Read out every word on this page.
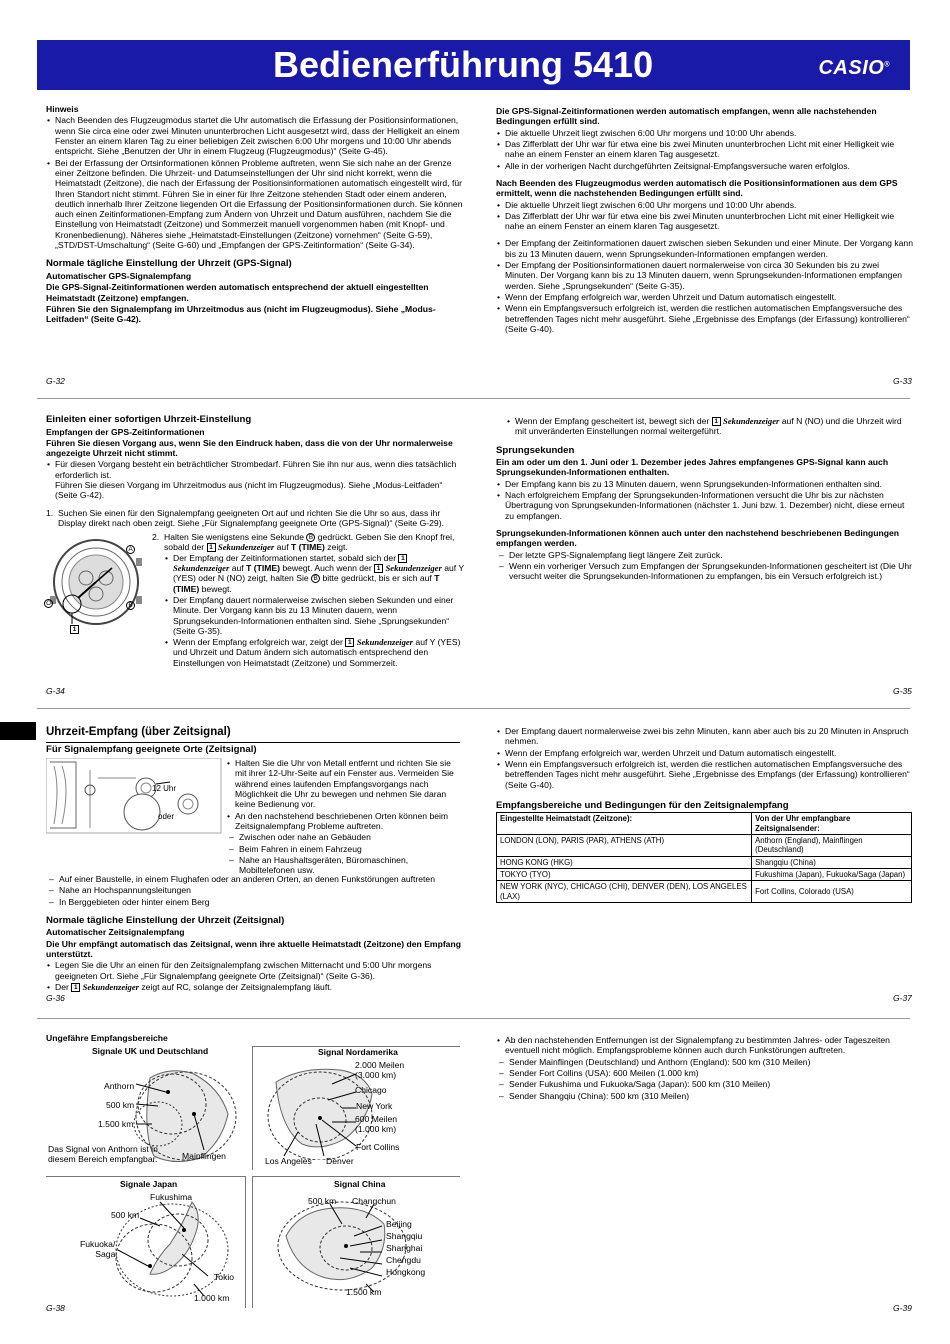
Bedienerführung 5410	CASIO®

Hinweis

• Nach Beenden des Flugzeugmodus startet die Uhr automatisch die Erfassung der Positionsinformationen, wenn Sie circa eine oder zwei Minuten ununterbrochen Licht ausgesetzt wird, dass der Helligkeit an einem Fenster an einem klaren Tag zu einer beliebigen Zeit zwischen 6:00 Uhr morgens und 10:00 Uhr abends entspricht. Siehe „Benutzen der Uhr in einem Flugzeug (Flugzeugmodus)“ (Seite G-45).
• Bei der Erfassung der Ortsinformationen können Probleme auftreten, wenn Sie sich nahe an der Grenze einer Zeitzone befinden. Die Uhrzeit- und Datumseinstellungen der Uhr sind nicht korrekt, wenn die Heimatstadt (Zeitzone), die nach der Erfassung der Positionsinformationen automatisch eingestellt wird, für Ihren Standort nicht stimmt. Führen Sie in einer für Ihre Zeitzone stehenden Stadt oder einem anderen, deutlich innerhalb Ihrer Zeitzone liegenden Ort die Erfassung der Positionsinformationen durch. Sie können auch einen Zeitinformationen-Empfang zum Ändern von Uhrzeit und Datum ausführen, nachdem Sie die Einstellung von Heimatstadt (Zeitzone) und Sommerzeit manuell vorgenommen haben (mit Knopf- und Kronenbedienung). Näheres siehe „Heimatstadt-Einstellungen (Zeitzone) vornehmen“ (Seite G-59), „STD/DST-Umschaltung“ (Seite G-60) und „Empfangen der GPS-Zeitinformation“ (Seite G-34).

Normale tägliche Einstellung der Uhrzeit (GPS-Signal)

Automatischer GPS-Signalempfang

Die GPS-Signal-Zeitinformationen werden automatisch entsprechend der aktuell eingestellten Heimatstadt (Zeitzone) empfangen.

Führen Sie den Signalempfang im Uhrzeitmodus aus (nicht im Flugzeugmodus). Siehe „Modus-Leitfaden“ (Seite G-42).

G-32

Die GPS-Signal-Zeitinformationen werden automatisch empfangen, wenn alle nachstehenden Bedingungen erfüllt sind.

• Die aktuelle Uhrzeit liegt zwischen 6:00 Uhr morgens und 10:00 Uhr abends.
• Das Zifferblatt der Uhr war für etwa eine bis zwei Minuten ununterbrochen Licht mit einer Helligkeit wie nahe an einem Fenster an einem klaren Tag ausgesetzt.
• Alle in der vorherigen Nacht durchgeführten Zeitsignal-Empfangsversuche waren erfolglos.

Nach Beenden des Flugzeugmodus werden automatisch die Positionsinformationen aus dem GPS ermittelt, wenn die nachstehenden Bedingungen erfüllt sind.

• Die aktuelle Uhrzeit liegt zwischen 6:00 Uhr morgens und 10:00 Uhr abends.
• Das Zifferblatt der Uhr war für etwa eine bis zwei Minuten ununterbrochen Licht mit einer Helligkeit wie nahe an einem Fenster an einem klaren Tag ausgesetzt.
• Der Empfang der Zeitinformationen dauert zwischen sieben Sekunden und einer Minute. Der Vorgang kann bis zu 13 Minuten dauern, wenn Sprungsekunden-Informationen empfangen werden.
• Der Empfang der Positionsinformationen dauert normalerweise von circa 30 Sekunden bis zu zwei Minuten. Der Vorgang kann bis zu 13 Minuten dauern, wenn Sprungsekunden-Informationen empfangen werden. Siehe „Sprungsekunden“ (Seite G-35).
• Wenn der Empfang erfolgreich war, werden Uhrzeit und Datum automatisch eingestellt.
• Wenn ein Empfangsversuch erfolgreich ist, werden die restlichen automatischen Empfangsversuche des betreffenden Tages nicht mehr ausgeführt. Siehe „Ergebnisse des Empfangs (der Erfassung) kontrollieren“ (Seite G-40).
G-33

Einleiten einer sofortigen Uhrzeit-Einstellung

Empfangen der GPS-Zeitinformationen

Führen Sie diesen Vorgang aus, wenn Sie den Eindruck haben, dass die von der Uhr normalerweise angezeigte Uhrzeit nicht stimmt.

• Für diesen Vorgang besteht ein beträchtlicher Strombedarf. Führen Sie ihn nur aus, wenn dies tatsächlich erforderlich ist.
Führen Sie diesen Vorgang im Uhrzeitmodus aus (nicht im Flugzeugmodus). Siehe „Modus-Leitfaden“ (Seite G-42).
1. Suchen Sie einen für den Signalempfang geeigneten Ort auf und richten Sie die Uhr so aus, dass ihr Display direkt nach oben zeigt. Siehe „Für Signalempfang geeignete Orte (GPS-Signal)“ (Seite G-29).
A
B
C
1
2. Halten Sie wenigstens eine Sekunde B gedrückt. Geben Sie den Knopf frei, sobald der 1 Sekundenzeiger auf T (TIME) zeigt.
• Der Empfang der Zeitinformationen startet, sobald sich der 1 Sekundenzeiger auf T (TIME) bewegt. Auch wenn der 1 Sekundenzeiger auf Y (YES) oder N (NO) zeigt, halten Sie B bitte gedrückt, bis er sich auf T (TIME) bewegt.
• Der Empfang dauert normalerweise zwischen sieben Sekunden und einer Minute. Der Vorgang kann bis zu 13 Minuten dauern, wenn Sprungsekunden-Informationen enthalten sind. Siehe „Sprungsekunden“ (Seite G-35).
• Wenn der Empfang erfolgreich war, zeigt der 1 Sekundenzeiger auf Y (YES) und Uhrzeit und Datum ändern sich automatisch entsprechend den Einstellungen von Heimatstadt (Zeitzone) und Sommerzeit.
G-34
• Wenn der Empfang gescheitert ist, bewegt sich der 1 Sekundenzeiger auf N (NO) und die Uhrzeit wird mit unveränderten Einstellungen normal weitergeführt.

Sprungsekunden

Ein am oder um den 1. Juni oder 1. Dezember jedes Jahres empfangenes GPS-Signal kann auch Sprungsekunden-Informationen enthalten.

• Der Empfang kann bis zu 13 Minuten dauern, wenn Sprungsekunden-Informationen enthalten sind.
• Nach erfolgreichem Empfang der Sprungsekunden-Informationen versucht die Uhr bis zur nächsten Übertragung von Sprungsekunden-Informationen (nächster 1. Juni bzw. 1. Dezember) nicht, diese erneut zu empfangen.

Sprungsekunden-Informationen können auch unter den nachstehend beschriebenen Bedingungen empfangen werden.

– Der letzte GPS-Signalempfang liegt längere Zeit zurück.
– Wenn ein vorheriger Versuch zum Empfangen der Sprungsekunden-Informationen gescheitert ist (Die Uhr versucht weiter die Sprungsekunden-Informationen zu empfangen, bis ein Versuch erfolgreich ist.)
G-35

Uhrzeit-Empfang (über Zeitsignal)

Für Signalempfang geeignete Orte (Zeitsignal)

12 Uhr
oder
• Halten Sie die Uhr von Metall entfernt und richten Sie sie mit ihrer 12-Uhr-Seite auf ein Fenster aus. Vermeiden Sie während eines laufenden Empfangsvorgangs nach Möglichkeit die Uhr zu bewegen und nehmen Sie daran keine Bedienung vor.
• An den nachstehend beschriebenen Orten können beim Zeitsignalempfang Probleme auftreten.
– Zwischen oder nahe an Gebäuden
– Beim Fahren in einem Fahrzeug
– Nahe an Haushaltsgeräten, Büromaschinen, Mobiltelefonen usw.
– Auf einer Baustelle, in einem Flughafen oder an anderen Orten, an denen Funkstörungen auftreten
– Nahe an Hochspannungsleitungen
– In Berggebieten oder hinter einem Berg

Normale tägliche Einstellung der Uhrzeit (Zeitsignal)

Automatischer Zeitsignalempfang

Die Uhr empfängt automatisch das Zeitsignal, wenn ihre aktuelle Heimatstadt (Zeitzone) den Empfang unterstützt.

• Legen Sie die Uhr an einen für den Zeitsignalempfang zwischen Mitternacht und 5:00 Uhr morgens geeigneten Ort. Siehe „Für Signalempfang geeignete Orte (Zeitsignal)“ (Seite G-36).
• Der 1 Sekundenzeiger zeigt auf RC, solange der Zeitsignalempfang läuft.
G-36
• Der Empfang dauert normalerweise zwei bis zehn Minuten, kann aber auch bis zu 20 Minuten in Anspruch nehmen.
• Wenn der Empfang erfolgreich war, werden Uhrzeit und Datum automatisch eingestellt.
• Wenn ein Empfangsversuch erfolgreich ist, werden die restlichen automatischen Empfangsversuche des betreffenden Tages nicht mehr ausgeführt. Siehe „Ergebnisse des Empfangs (der Erfassung) kontrollieren“ (Seite G-40).

Empfangsbereiche und Bedingungen für den Zeitsignalempfang

Eingestellte Heimatstadt (Zeitzone):	Von der Uhr empfangbare Zeitsignalsender:
LONDON (LON), PARIS (PAR), ATHENS (ATH)	Anthorn (England), Mainflingen (Deutschland)
HONG KONG (HKG)	Shangqiu (China)
TOKYO (TYO)	Fukushima (Japan), Fukuoka/Saga (Japan)
NEW YORK (NYC), CHICAGO (CHI), DENVER (DEN), LOS ANGELES (LAX)	Fort Collins, Colorado (USA)
G-37
Ungefähre Empfangsbereiche
Signale UK und Deutschland
Anthorn
500 km
1.500 km
Mainflingen
Das Signal von Anthorn ist in diesem Bereich empfangbar.
Signal Nordamerika
2.000 Meilen
(3.000 km)
Chicago
New York
600 Meilen
(1.000 km)
Fort Collins
Los Angeles Denver
Signale Japan
Fukushima
500 km
Fukuoka/
Saga
Tokio
1.000 km
Signal China
500 km Changchun
Beijing
Shangqiu
Shanghai
Chengdu
Hongkong
1.500 km
G-38
• Ab den nachstehenden Entfernungen ist der Signalempfang zu bestimmten Jahres- oder Tageszeiten eventuell nicht möglich. Empfangsprobleme können auch durch Funkstörungen auftreten.
– Sender Mainflingen (Deutschland) und Anthorn (England): 500 km (310 Meilen)
– Sender Fort Collins (USA): 600 Meilen (1.000 km)
– Sender Fukushima und Fukuoka/Saga (Japan): 500 km (310 Meilen)
– Sender Shangqiu (China): 500 km (310 Meilen)
G-39
